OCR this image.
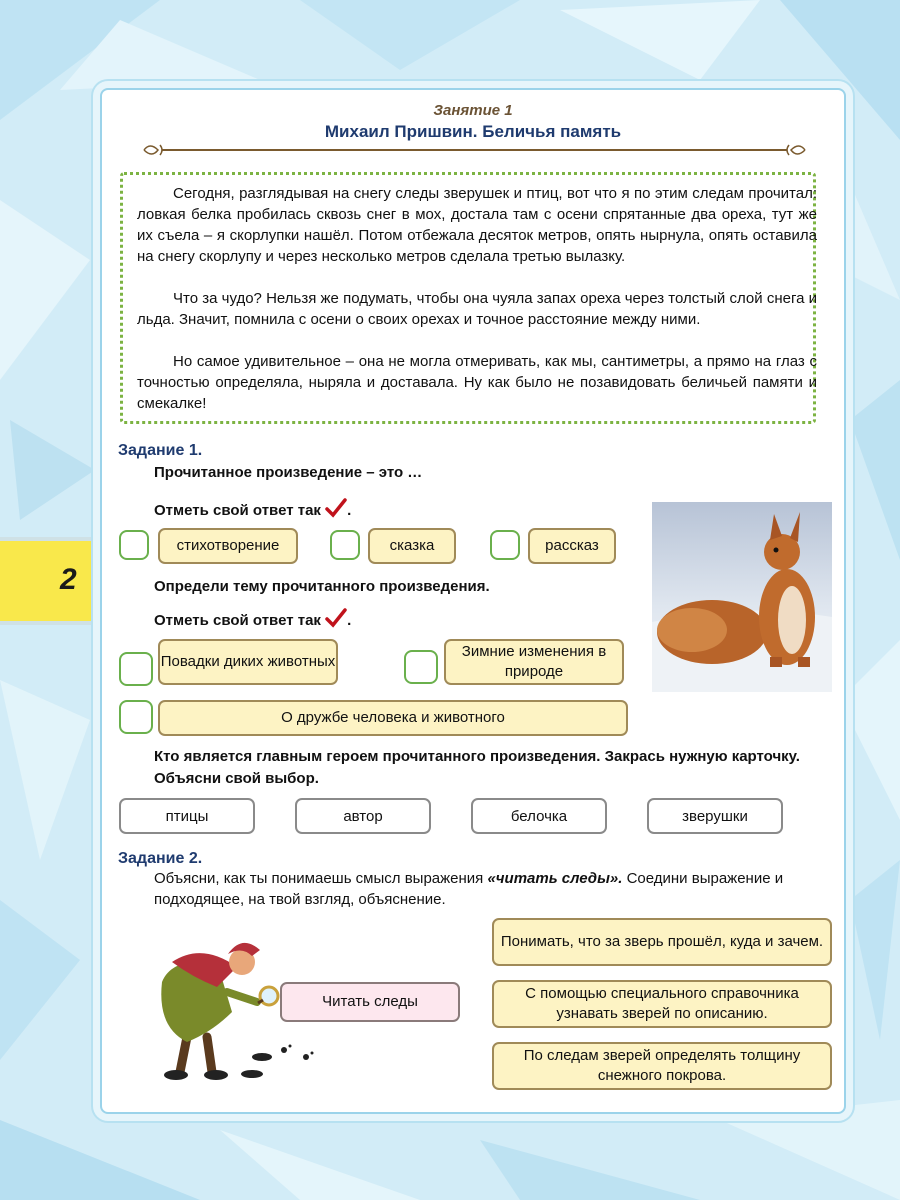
2
Занятие 1
Михаил Пришвин. Беличья память

Сегодня, разглядывая на снегу следы зверушек и птиц, вот что я по этим следам прочитал: ловкая белка пробилась сквозь снег в мох, достала там с осени спрятанные два ореха, тут же их съела – я скорлупки нашёл. Потом отбежала десяток метров, опять нырнула, опять оставила на снегу скорлупу и через несколько метров сделала третью вылазку.

Что за чудо? Нельзя же подумать, чтобы она чуяла запах ореха через толстый слой снега и льда. Значит, помнила с осени о своих орехах и точное расстояние между ними.

Но самое удивительное – она не могла отмеривать, как мы, сантиметры, а прямо на глаз с точностью определяла, ныряла и доставала. Ну как было не позавидовать беличьей памяти и смекалке!

Задание 1.
Прочитанное произведение – это …
Отметь свой ответ так .
стихотворение	сказка	рассказ
Определи тему прочитанного произведения.
Отметь свой ответ так .
Повадки диких животных
Зимние изменения в природе
О дружбе человека и животного
Кто является главным героем прочитанного произведения. Закрась нужную карточку. Объясни свой выбор.
птицы	автор	белочка	зверушки
Задание 2.
Объясни, как ты понимаешь смысл выражения «читать следы». Соедини выражение и подходящее, на твой взгляд, объяснение.
Читать следы
Понимать, что за зверь прошёл, куда и зачем.
С помощью специального справочника узнавать зверей по описанию.
По следам зверей определять толщину снежного покрова.
